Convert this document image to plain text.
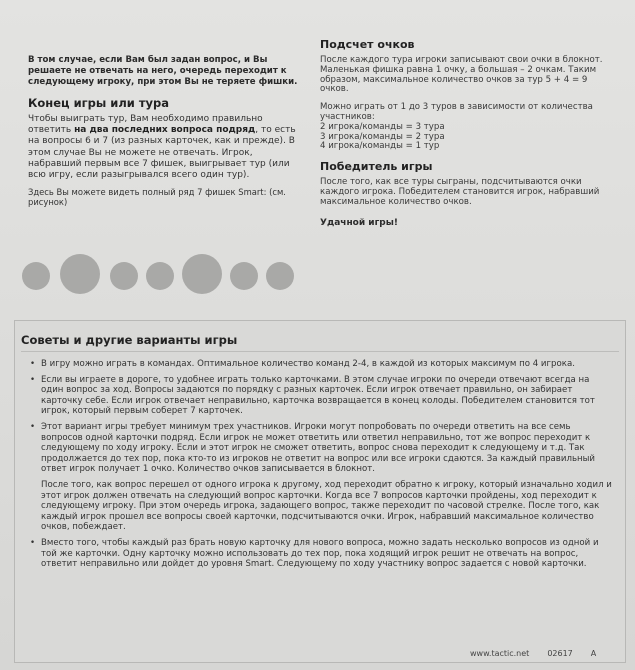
В том случае, если Вам был задан вопрос, и Вы решаете не отвечать на него, очередь переходит к следующему игроку, при этом Вы не теряете фишки.

Конец игры или тура

Чтобы выиграть тур, Вам необходимо правильно ответить на два последних вопроса подряд, то есть на вопросы 6 и 7 (из разных карточек, как и прежде). В этом случае Вы не можете не отвечать. Игрок, набравший первым все 7 фишек, выигрывает тур (или всю игру, если разыгрывался всего один тур).

Здесь Вы можете видеть полный ряд 7 фишек Smart: (см. рисунок)

Подсчет очков

После каждого тура игроки записывают свои очки в блокнот. Маленькая фишка равна 1 очку, а большая – 2 очкам. Таким образом, максимальное количество очков за тур 5 + 4 = 9 очков.

Можно играть от 1 до 3 туров в зависимости от количества участников:
2 игрока/команды = 3 тура
3 игрока/команды = 2 тура
4 игрока/команды = 1 тур

Победитель игры

После того, как все туры сыграны, подсчитываются очки каждого игрока. Победителем становится игрок, набравший максимальное количество очков.

Удачной игры!
Советы и другие варианты игры
• В игру можно играть в командах. Оптимальное количество команд 2-4, в каждой из которых максимум по 4 игрока.
• Если вы играете в дороге, то удобнее играть только карточками. В этом случае игроки по очереди отвечают всегда на один вопрос за ход. Вопросы задаются по порядку с разных карточек. Если игрок отвечает правильно, он забирает карточку себе. Если игрок отвечает неправильно, карточка возвращается в конец колоды. Победителем становится тот игрок, который первым соберет 7 карточек.
• Этот вариант игры требует минимум трех участников. Игроки могут попробовать по очереди ответить на все семь вопросов одной карточки подряд. Если игрок не может ответить или ответил неправильно, тот же вопрос переходит к следующему по ходу игроку. Если и этот игрок не сможет ответить, вопрос снова переходит к следующему и т.д. Так продолжается до тех пор, пока кто-то из игроков не ответит на вопрос или все игроки сдаются. За каждый правильный ответ игрок получает 1 очко. Количество очков записывается в блокнот.

После того, как вопрос перешел от одного игрока к другому, ход переходит обратно к игроку, который изначально ходил и этот игрок должен отвечать на следующий вопрос карточки. Когда все 7 вопросов карточки пройдены, ход переходит к следующему игроку. При этом очередь игрока, задающего вопрос, также переходит по часовой стрелке. После того, как каждый игрок прошел все вопросы своей карточки, подсчитываются очки. Игрок, набравший максимальное количество очков, побеждает.

• Вместо того, чтобы каждый раз брать новую карточку для нового вопроса, можно задать несколько вопросов из одной и той же карточки. Одну карточку можно использовать до тех пор, пока ходящий игрок решит не отвечать на вопрос, ответит неправильно или дойдет до уровня Smart. Следующему по ходу участнику вопрос задается с новой карточки.
www.tactic.net 02617 A
